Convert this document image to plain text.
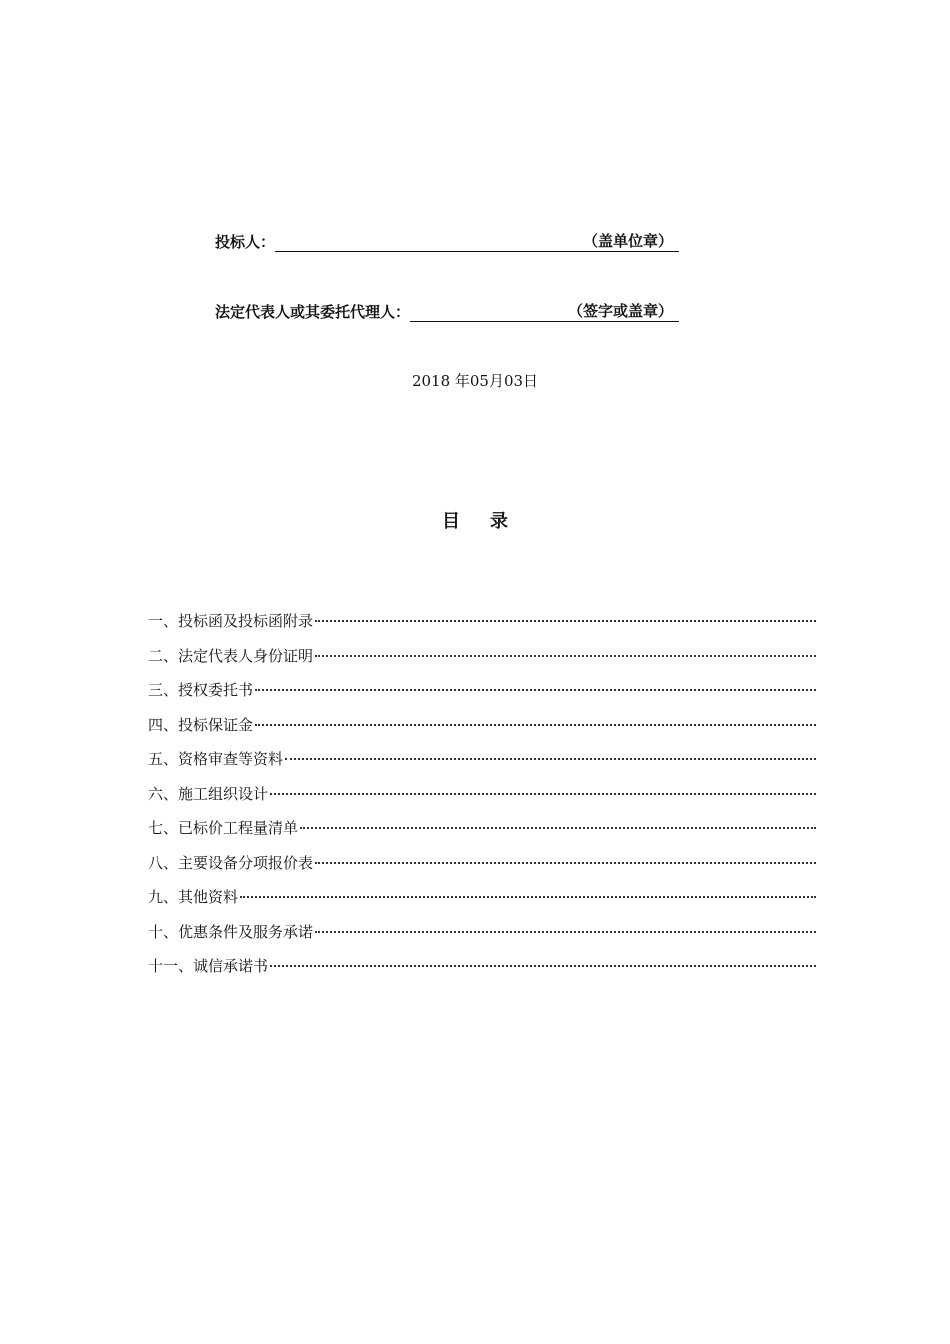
投标人：	（盖单位章）
法定代表人或其委托代理人：	（签字或盖章）
2018 年05月03日
目录
一、投标函及投标函附录
二、法定代表人身份证明
三、授权委托书
四、投标保证金
五、资格审查等资料
六、施工组织设计
七、已标价工程量清单
八、主要设备分项报价表
九、其他资料
十、优惠条件及服务承诺
十一、诚信承诺书
